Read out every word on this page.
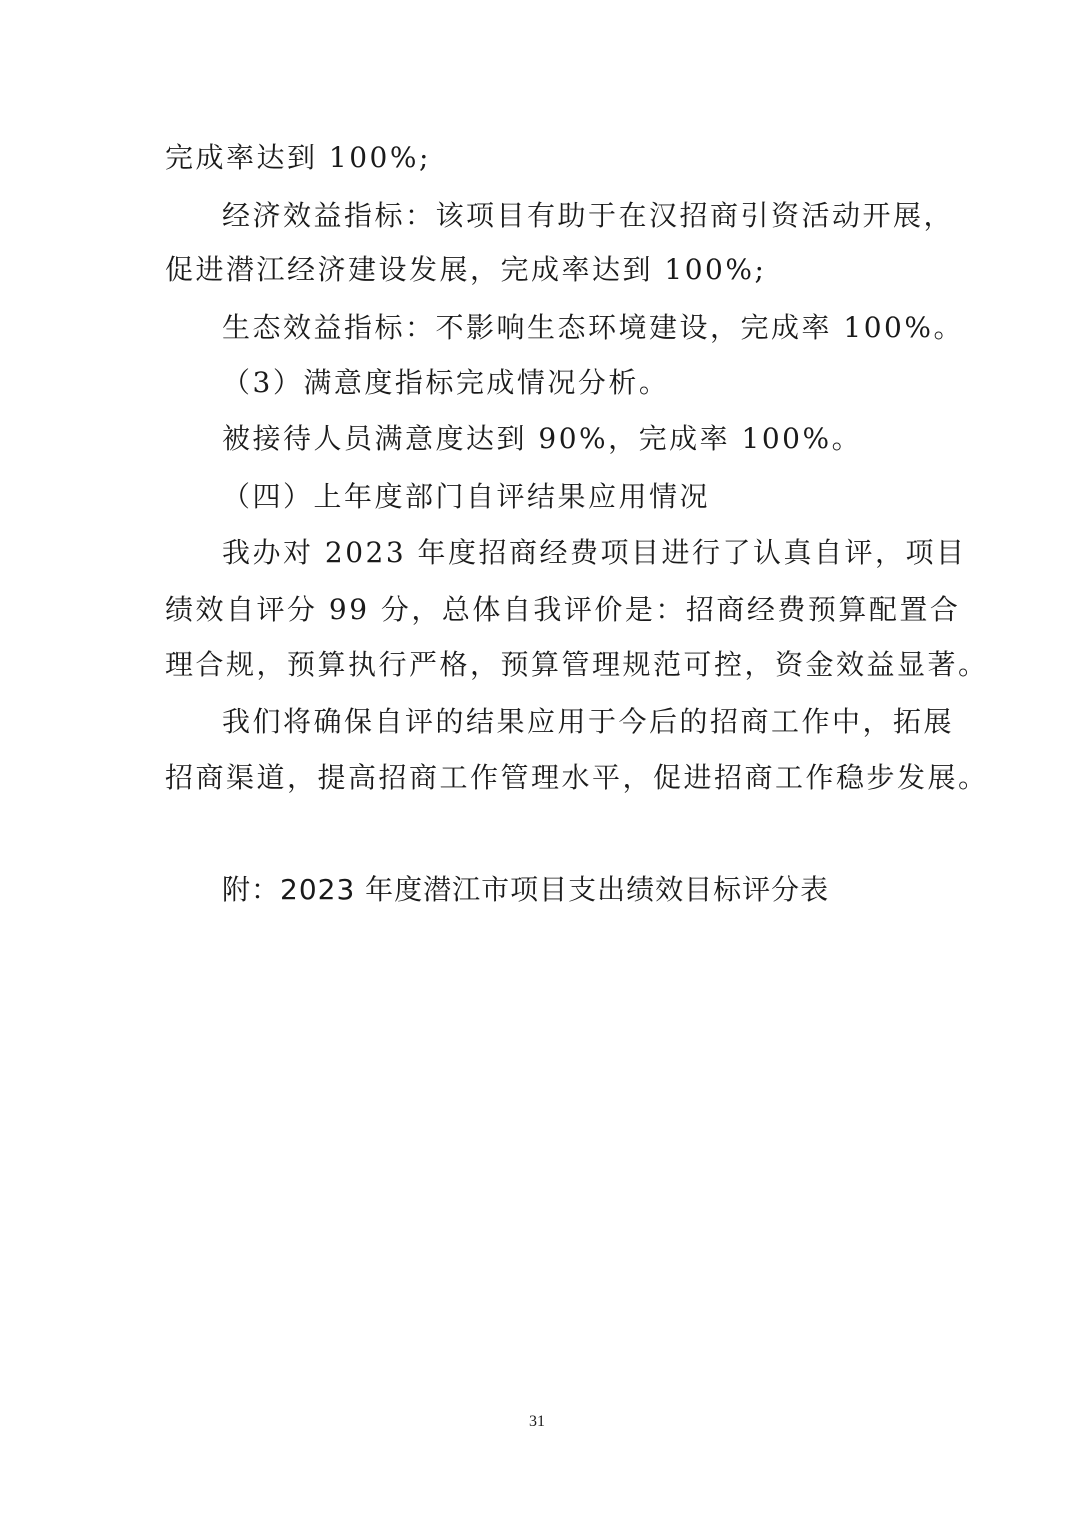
完成率达到 100%;
经济效益指标：该项目有助于在汉招商引资活动开展，
促进潜江经济建设发展，完成率达到 100%;
生态效益指标：不影响生态环境建设，完成率 100%。
（3）满意度指标完成情况分析。
被接待人员满意度达到 90%，完成率 100%。
（四）上年度部门自评结果应用情况
我办对 2023 年度招商经费项目进行了认真自评，项目
绩效自评分 99 分，总体自我评价是：招商经费预算配置合
理合规，预算执行严格，预算管理规范可控，资金效益显著。
我们将确保自评的结果应用于今后的招商工作中，拓展
招商渠道，提高招商工作管理水平，促进招商工作稳步发展。
附：2023 年度潜江市项目支出绩效目标评分表
31
